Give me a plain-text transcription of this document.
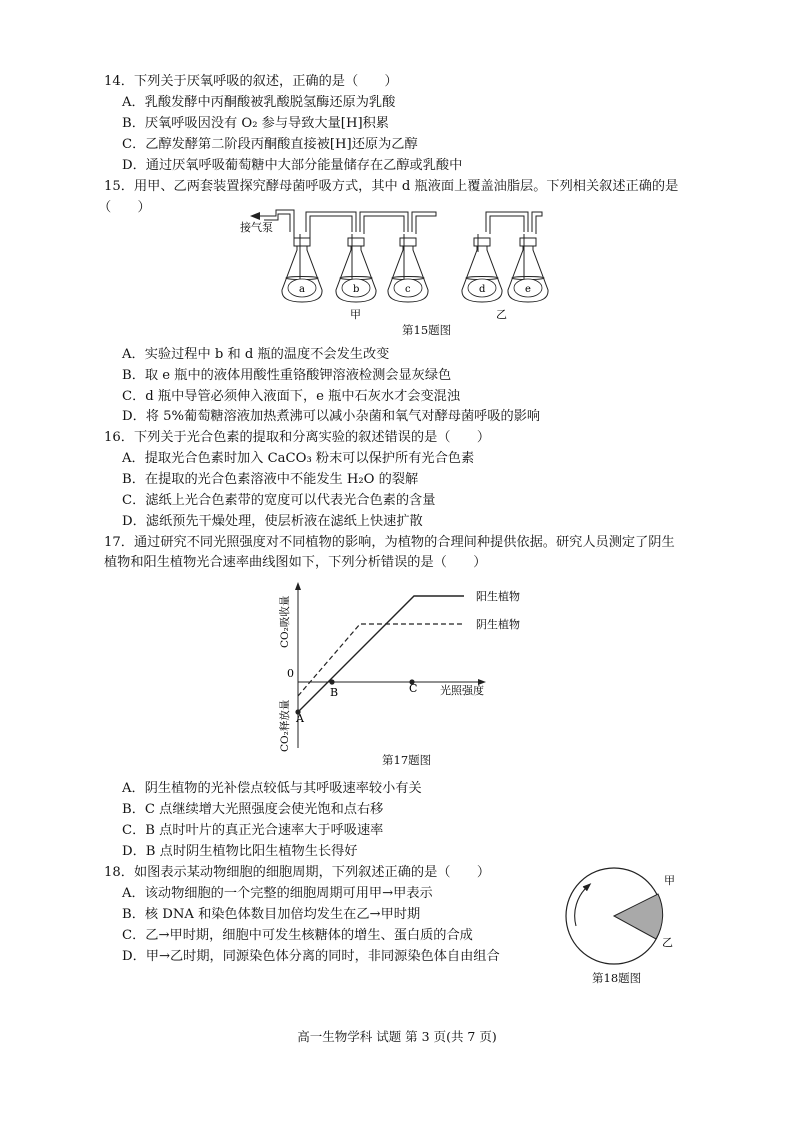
14．下列关于厌氧呼吸的叙述，正确的是（　　）
A．乳酸发酵中丙酮酸被乳酸脱氢酶还原为乳酸
B．厌氧呼吸因没有 O₂ 参与导致大量[H]积累
C．乙醇发酵第二阶段丙酮酸直接被[H]还原为乙醇
D．通过厌氧呼吸葡萄糖中大部分能量储存在乙醇或乳酸中
15．用甲、乙两套装置探究酵母菌呼吸方式，其中 d 瓶液面上覆盖油脂层。下列相关叙述正确的是
（　　）
接气泵
a	b	c	d	e
甲	乙
第15题图
A．实验过程中 b 和 d 瓶的温度不会发生改变
B．取 e 瓶中的液体用酸性重铬酸钾溶液检测会显灰绿色
C．d 瓶中导管必须伸入液面下，e 瓶中石灰水才会变混浊
D．将 5%葡萄糖溶液加热煮沸可以减小杂菌和氧气对酵母菌呼吸的影响
16．下列关于光合色素的提取和分离实验的叙述错误的是（　　）
A．提取光合色素时加入 CaCO₃ 粉末可以保护所有光合色素
B．在提取的光合色素溶液中不能发生 H₂O 的裂解
C．滤纸上光合色素带的宽度可以代表光合色素的含量
D．滤纸预先干燥处理，使层析液在滤纸上快速扩散
17．通过研究不同光照强度对不同植物的影响，为植物的合理间种提供依据。研究人员测定了阴生
植物和阳生植物光合速率曲线图如下，下列分析错误的是（　　）
0
A
B	C 光照强度
阳生植物
阴生植物
CO₂吸收量
CO₂释放量
第17题图
A．阴生植物的光补偿点较低与其呼吸速率较小有关
B．C 点继续增大光照强度会使光饱和点右移
C．B 点时叶片的真正光合速率大于呼吸速率
D．B 点时阴生植物比阳生植物生长得好
18．如图表示某动物细胞的细胞周期，下列叙述正确的是（　　）
A．该动物细胞的一个完整的细胞周期可用甲→甲表示
B．核 DNA 和染色体数目加倍均发生在乙→甲时期
C．乙→甲时期，细胞中可发生核糖体的增生、蛋白质的合成
D．甲→乙时期，同源染色体分离的同时，非同源染色体自由组合
甲
乙
第18题图
高一生物学科 试题 第 3 页(共 7 页)
